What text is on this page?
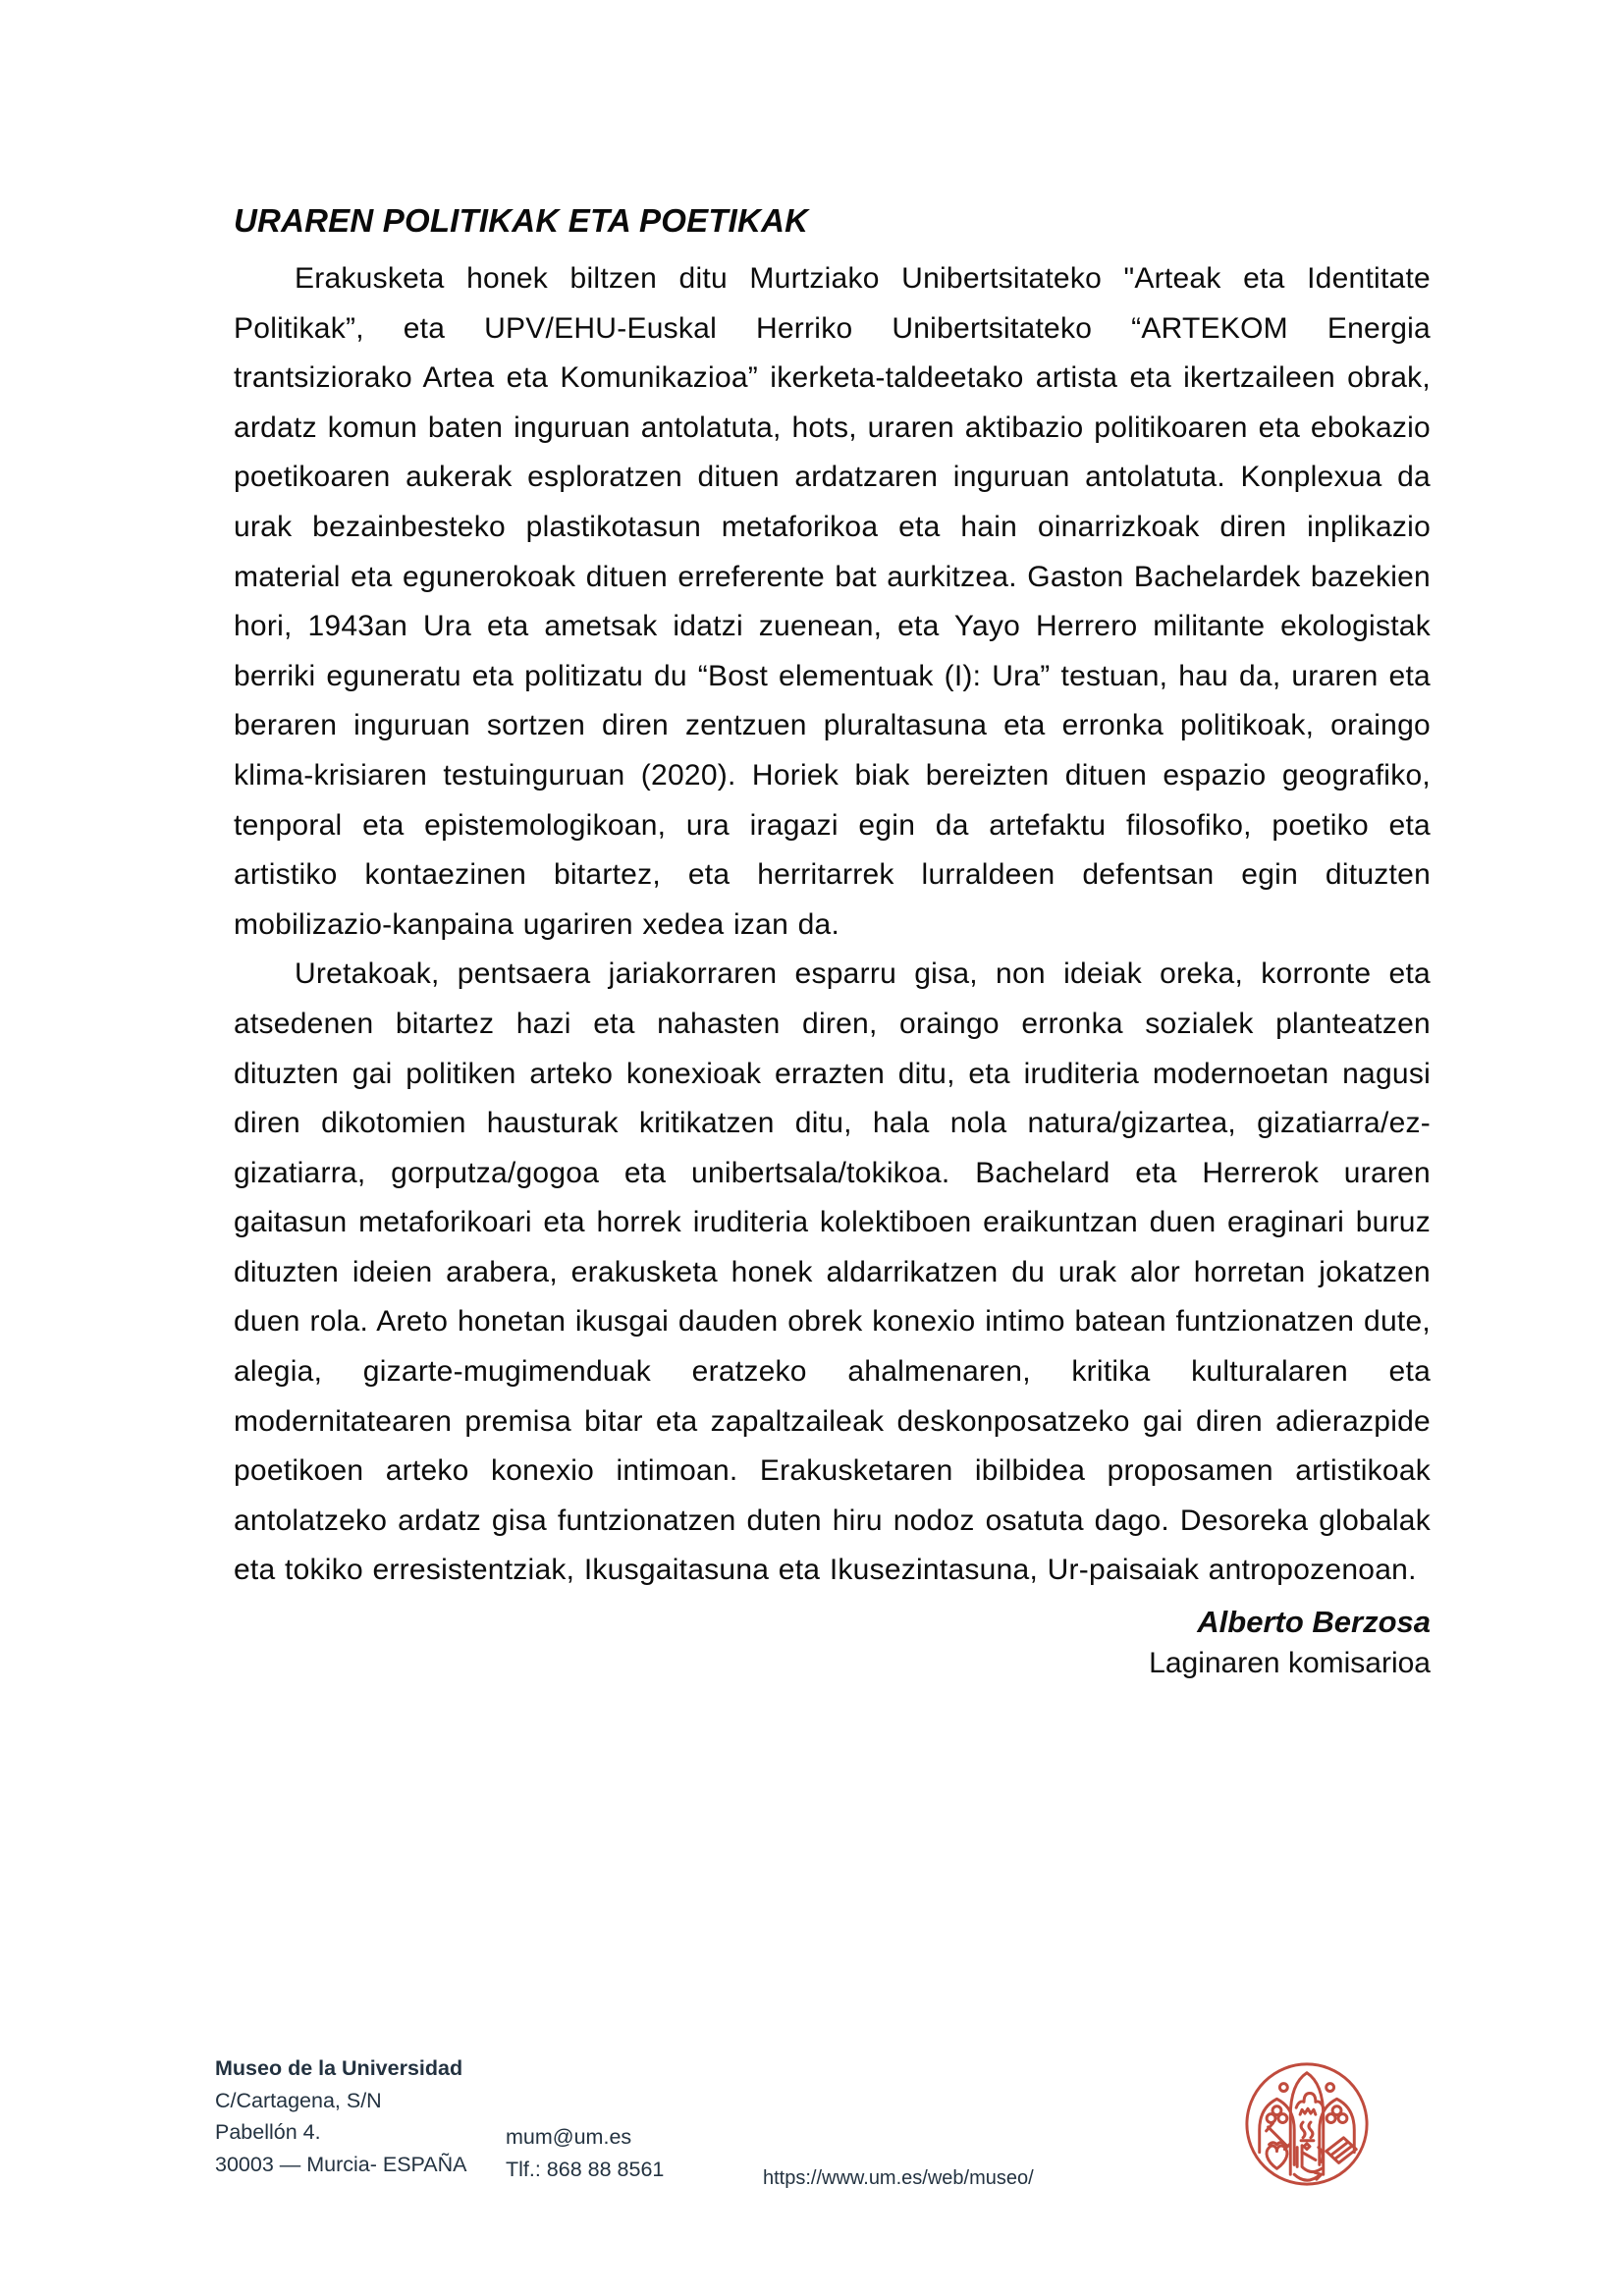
URAREN POLITIKAK ETA POETIKAK

Erakusketa honek biltzen ditu Murtziako Unibertsitateko "Arteak eta Identitate Politikak”, eta UPV/EHU-Euskal Herriko Unibertsitateko “ARTEKOM Energia trantsiziorako Artea eta Komunikazioa” ikerketa-taldeetako artista eta ikertzaileen obrak, ardatz komun baten inguruan antolatuta, hots, uraren aktibazio politikoaren eta ebokazio poetikoaren aukerak esploratzen dituen ardatzaren inguruan antolatuta. Konplexua da urak bezainbesteko plastikotasun metaforikoa eta hain oinarrizkoak diren inplikazio material eta egunerokoak dituen erreferente bat aurkitzea. Gaston Bachelardek bazekien hori, 1943an Ura eta ametsak idatzi zuenean, eta Yayo Herrero militante ekologistak berriki eguneratu eta politizatu du “Bost elementuak (I): Ura” testuan, hau da, uraren eta beraren inguruan sortzen diren zentzuen pluraltasuna eta erronka politikoak, oraingo klima-krisiaren testuinguruan (2020). Horiek biak bereizten dituen espazio geografiko, tenporal eta epistemologikoan, ura iragazi egin da artefaktu filosofiko, poetiko eta artistiko kontaezinen bitartez, eta herritarrek lurraldeen defentsan egin dituzten mobilizazio-kanpaina ugariren xedea izan da.

Uretakoak, pentsaera jariakorraren esparru gisa, non ideiak oreka, korronte eta atsedenen bitartez hazi eta nahasten diren, oraingo erronka sozialek planteatzen dituzten gai politiken arteko konexioak errazten ditu, eta iruditeria modernoetan nagusi diren dikotomien hausturak kritikatzen ditu, hala nola natura/gizartea, gizatiarra/ez-gizatiarra, gorputza/gogoa eta unibertsala/tokikoa. Bachelard eta Herrerok uraren gaitasun metaforikoari eta horrek iruditeria kolektiboen eraikuntzan duen eraginari buruz dituzten ideien arabera, erakusketa honek aldarrikatzen du urak alor horretan jokatzen duen rola. Areto honetan ikusgai dauden obrek konexio intimo batean funtzionatzen dute, alegia, gizarte-mugimenduak eratzeko ahalmenaren, kritika kulturalaren eta modernitatearen premisa bitar eta zapaltzaileak deskonposatzeko gai diren adierazpide poetikoen arteko konexio intimoan. Erakusketaren ibilbidea proposamen artistikoak antolatzeko ardatz gisa funtzionatzen duten hiru nodoz osatuta dago. Desoreka globalak eta tokiko erresistentziak, Ikusgaitasuna eta Ikusezintasuna, Ur-paisaiak antropozenoan.

Alberto Berzosa
Laginaren komisarioa
Museo de la Universidad
C/Cartagena, S/N
Pabellón 4.
30003 — Murcia- ESPAÑA
mum@um.es
Tlf.: 868 88 8561	https://www.um.es/web/museo/
